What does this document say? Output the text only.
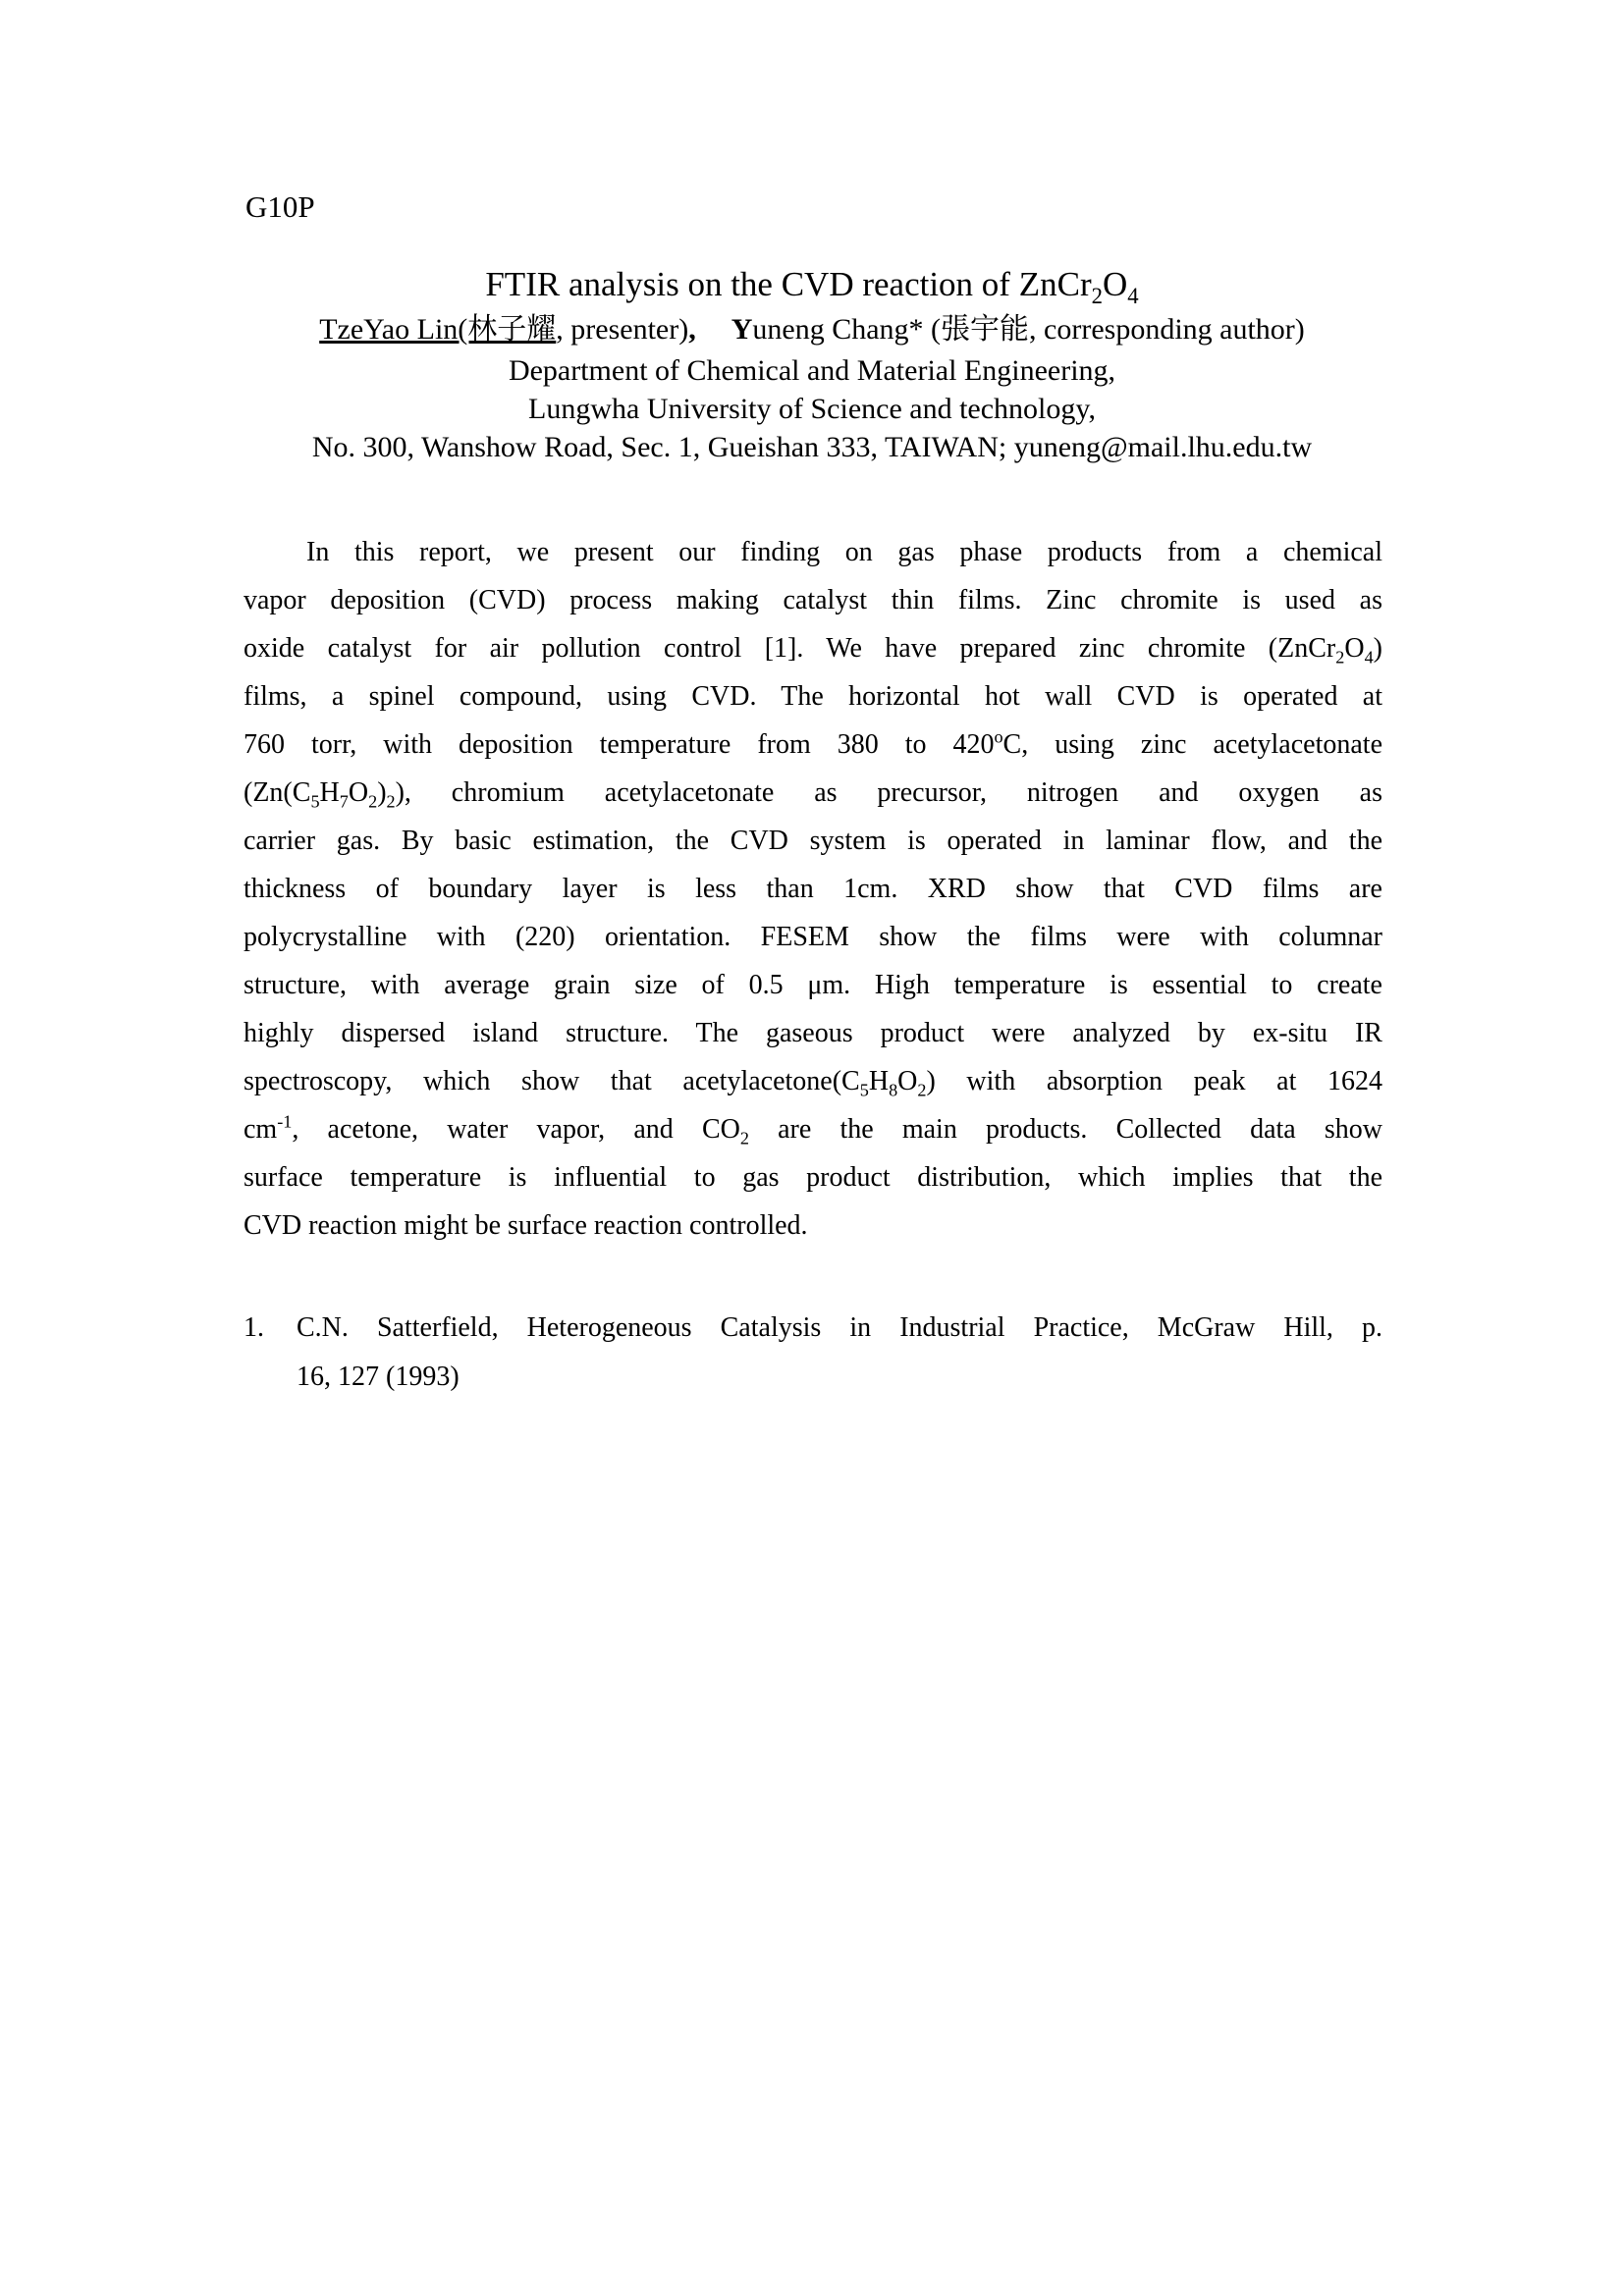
G10P
FTIR analysis on the CVD reaction of $ZnCr_2O_4$
TzeYao Lin(林子耀, presenter),   Yuneng Chang* (張宇能, corresponding author)
Department of Chemical and Material Engineering,
Lungwha University of Science and technology,
No. 300, Wanshow Road, Sec. 1, Gueishan 333, TAIWAN; yuneng@mail.lhu.edu.tw
In this report, we present our finding on gas phase products from a chemical
vapor deposition (CVD) process making catalyst thin films. Zinc chromite is used as
oxide catalyst for air pollution control [1]. We have prepared zinc chromite $(ZnCr_2O_4)$
films, a spinel compound, using CVD. The horizontal hot wall CVD is operated at
760 torr, with deposition temperature from 380 to 420$^o$C, using zinc acetylacetonate
$(Zn(C_5H_7O_2)_2)$, chromium acetylacetonate as precursor, nitrogen and oxygen as
carrier gas. By basic estimation, the CVD system is operated in laminar flow, and the
thickness of boundary layer is less than 1cm. XRD show that CVD films are
polycrystalline with (220) orientation. FESEM show the films were with columnar
structure, with average grain size of 0.5 μm. High temperature is essential to create
highly dispersed island structure. The gaseous product were analyzed by ex-situ IR
spectroscopy, which show that $acetylacetone(C_5H_8O_2)$ with absorption peak at 1624
$cm^{-1}$, acetone, water vapor, and $CO_2$ are the main products. Collected data show
surface temperature is influential to gas product distribution, which implies that the
CVD reaction might be surface reaction controlled.
1.	C.N. Satterfield, Heterogeneous Catalysis in Industrial Practice, McGraw Hill, p.
16, 127 (1993)
